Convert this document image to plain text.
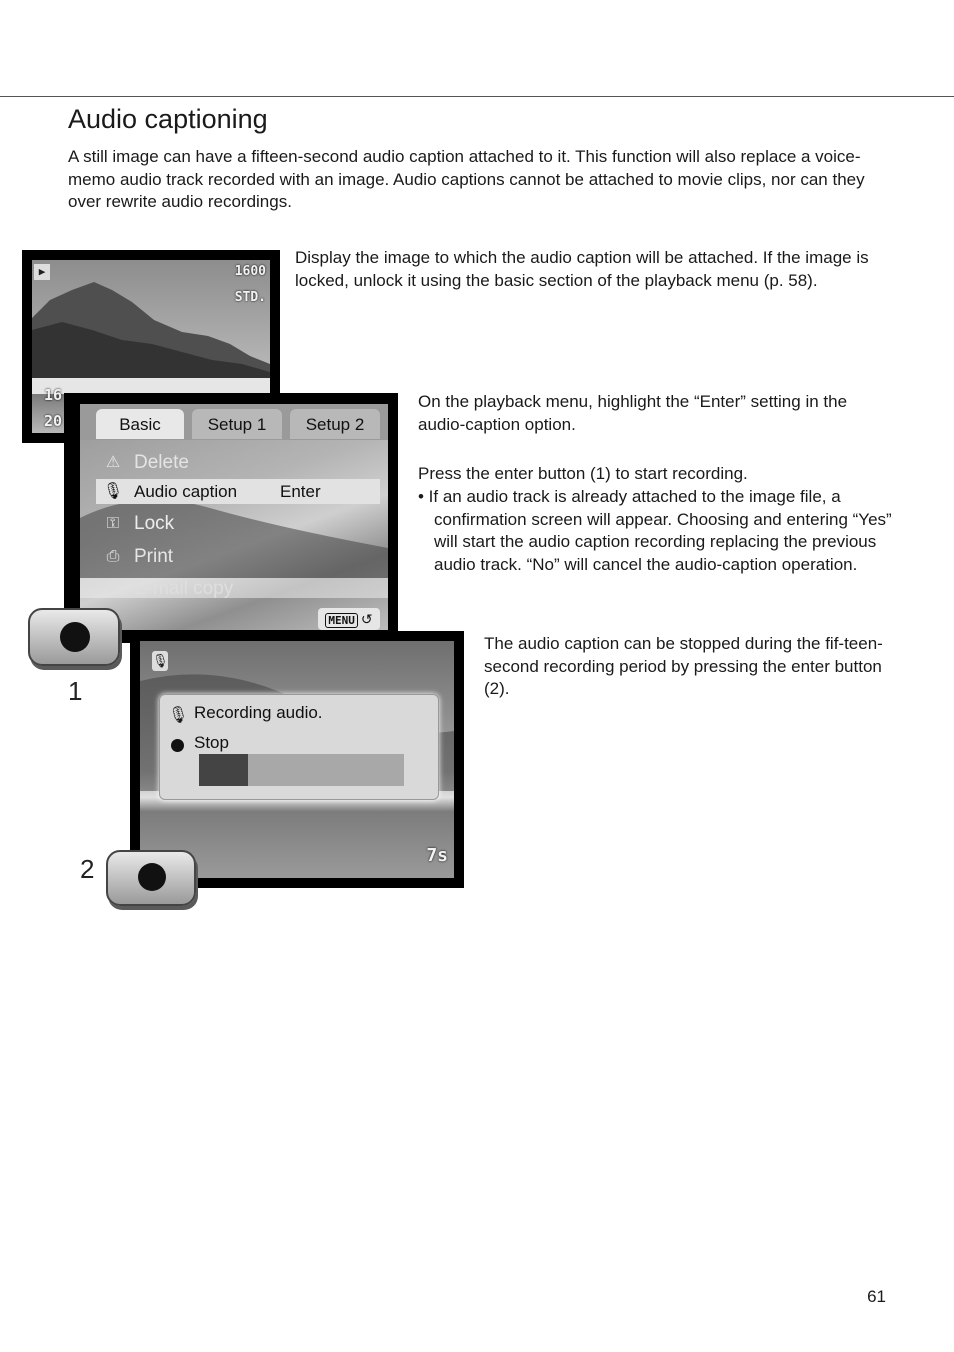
Audio captioning

A still image can have a fifteen-second audio caption attached to it. This function will also replace a voice-memo audio track recorded with an image. Audio captions cannot be attached to movie clips, nor can they over rewrite audio recordings.

▶	1600
STD.
16
20

Display the image to which the audio caption will be attached. If the image is locked, unlock it using the basic section of the playback menu (p. 58).

Basic	Setup 1	Setup 2
⚠ Delete
🎙 Audio caption	Enter
⚿ Lock
⎙ Print
✉ E-mail copy
MENU ↺

On the playback menu, highlight the “Enter” setting in the audio-caption option.

Press the enter button (1) to start recording.

• If an audio track is already attached to the image file, a confirmation screen will appear. Choosing and entering “Yes” will start the audio caption recording replacing the previous audio track. “No” will cancel the audio-caption operation.

1
🎙
7s
🎙 Recording audio.
Stop
2

The audio caption can be stopped during the fif-teen-second recording period by pressing the enter button (2).

61
